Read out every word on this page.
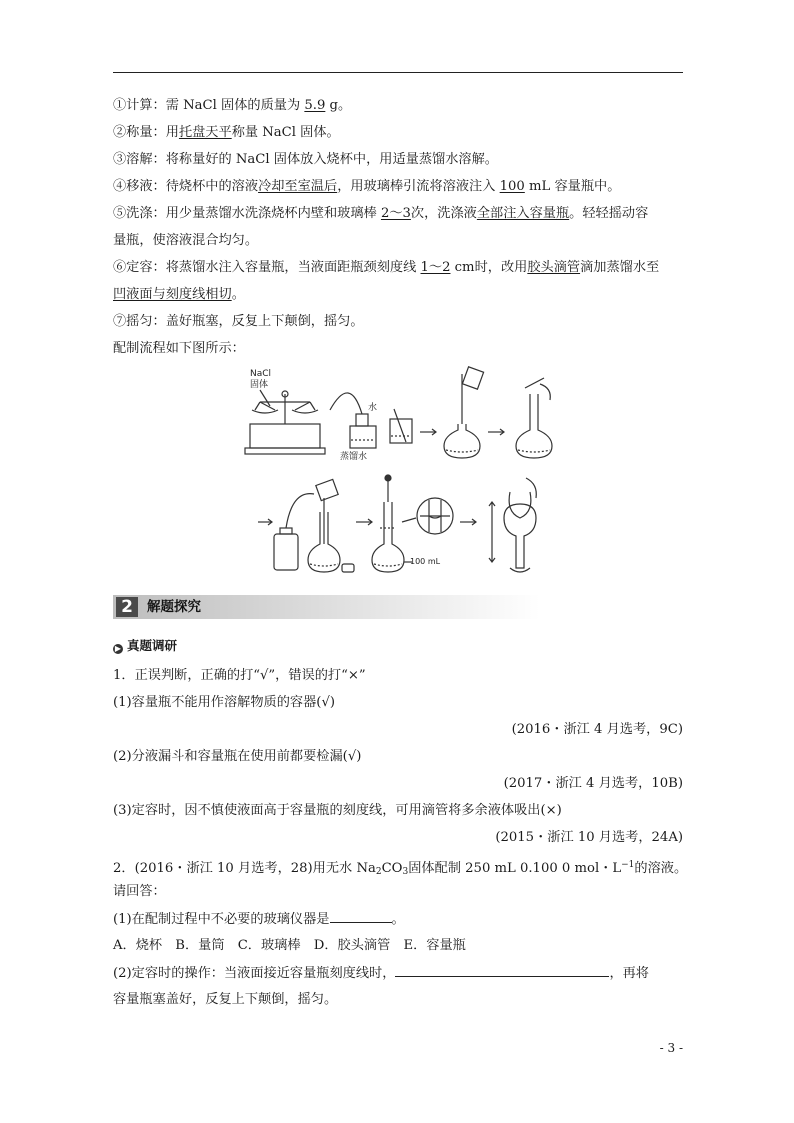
①计算：需 NaCl 固体的质量为 5.9 g。
②称量：用托盘天平称量 NaCl 固体。
③溶解：将称量好的 NaCl 固体放入烧杯中，用适量蒸馏水溶解。
④移液：待烧杯中的溶液冷却至室温后，用玻璃棒引流将溶液注入 100 mL 容量瓶中。
⑤洗涤：用少量蒸馏水洗涤烧杯内壁和玻璃棒 2～3次，洗涤液全部注入容量瓶。轻轻摇动容
量瓶，使溶液混合均匀。
⑥定容：将蒸馏水注入容量瓶，当液面距瓶颈刻度线 1～2 cm时，改用胶头滴管滴加蒸馏水至
凹液面与刻度线相切。
⑦摇匀：盖好瓶塞，反复上下颠倒，摇匀。
配制流程如下图所示：
NaCl
固体
水
蒸馏水
100 mL
2	解题探究
▶ 真题调研
1．正误判断，正确的打“√”，错误的打“×”
(1)容量瓶不能用作溶解物质的容器(√)
(2016・浙江 4 月选考，9C)
(2)分液漏斗和容量瓶在使用前都要检漏(√)
(2017・浙江 4 月选考，10B)
(3)定容时，因不慎使液面高于容量瓶的刻度线，可用滴管将多余液体吸出(×)
(2015・浙江 10 月选考，24A)
2．(2016・浙江 10 月选考，28)用无水 $Na_2CO_3$固体配制 250 mL 0.100 0 mol・$L^{-1}$的溶液。
请回答：
(1)在配制过程中不必要的玻璃仪器是	。
A．烧杯　B．量筒　C．玻璃棒　D．胶头滴管　E．容量瓶
(2)定容时的操作：当液面接近容量瓶刻度线时，	，再将
容量瓶塞盖好，反复上下颠倒，摇匀。
- 3 -
